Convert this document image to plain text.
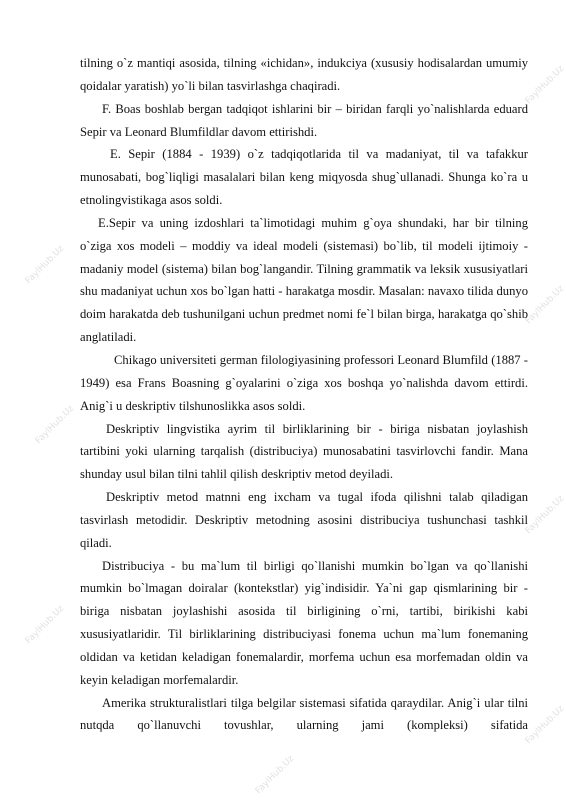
FaylHub.Uz
FaylHub.Uz
FaylHub.Uz
FaylHub.Uz
FaylHub.Uz
FaylHub.Uz
FaylHub.Uz
FaylHub.Uz

tilning o`z mantiqi asosida, tilning «ichidan», indukciya (xususiy hodisalardan umumiy qoidalar yaratish) yo`li bilan tasvirlashga chaqiradi.

F. Boas boshlab bergan tadqiqot ishlarini bir – biridan farqli yo`nalishlarda eduard Sepir va Leonard Blumfildlar davom ettirishdi.

E. Sepir (1884 - 1939) o`z tadqiqotlarida til va madaniyat, til va tafakkur munosabati, bog`liqligi masalalari bilan keng miqyosda shug`ullanadi. Shunga ko`ra u etnolingvistikaga asos soldi.

E.Sepir va uning izdoshlari ta`limotidagi muhim g`oya shundaki, har bir tilning o`ziga xos modeli – moddiy va ideal modeli (sistemasi) bo`lib, til modeli ijtimoiy - madaniy model (sistema) bilan bog`langandir. Tilning grammatik va leksik xususiyatlari shu madaniyat uchun xos bo`lgan hatti - harakatga mosdir. Masalan: navaxo tilida dunyo doim harakatda deb tushunilgani uchun predmet nomi fe`l bilan birga, harakatga qo`shib anglatiladi.

Chikago universiteti german filologiyasining professori Leonard Blumfild (1887 - 1949) esa Frans Boasning g`oyalarini o`ziga xos boshqa yo`nalishda davom ettirdi. Anig`i u deskriptiv tilshunoslikka asos soldi.

Deskriptiv lingvistika ayrim til birliklarining bir - biriga nisbatan joylashish tartibini yoki ularning tarqalish (distribuciya) munosabatini tasvirlovchi fandir. Mana shunday usul bilan tilni tahlil qilish deskriptiv metod deyiladi.

Deskriptiv metod matnni eng ixcham va tugal ifoda qilishni talab qiladigan tasvirlash metodidir. Deskriptiv metodning asosini distribuciya tushunchasi tashkil qiladi.

Distribuciya - bu ma`lum til birligi qo`llanishi mumkin bo`lgan va qo`llanishi mumkin bo`lmagan doiralar (kontekstlar) yig`indisidir. Ya`ni gap qismlarining bir - biriga nisbatan joylashishi asosida til birligining o`rni, tartibi, birikishi kabi xususiyatlaridir. Til birliklarining distribuciyasi fonema uchun ma`lum fonemaning oldidan va ketidan keladigan fonemalardir, morfema uchun esa morfemadan oldin va keyin keladigan morfemalardir.

Amerika strukturalistlari tilga belgilar sistemasi sifatida qaraydilar. Anig`i ular tilni nutqda qo`llanuvchi tovushlar, ularning jami (kompleksi) sifatida
